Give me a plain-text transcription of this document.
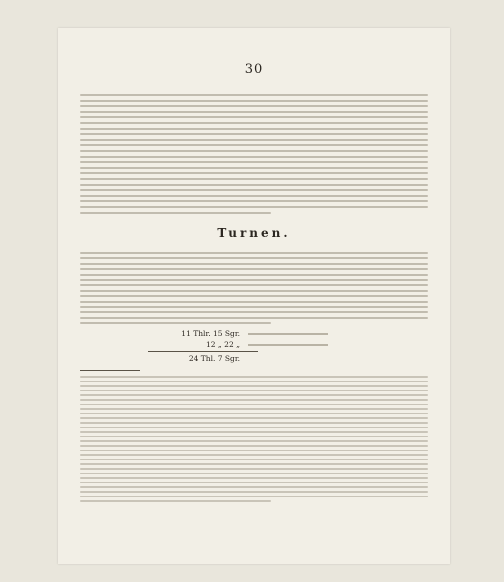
30
Turnen.
11 Thlr. 15 Sgr.
12 „ 22 „
24 Thl. 7 Sgr.
